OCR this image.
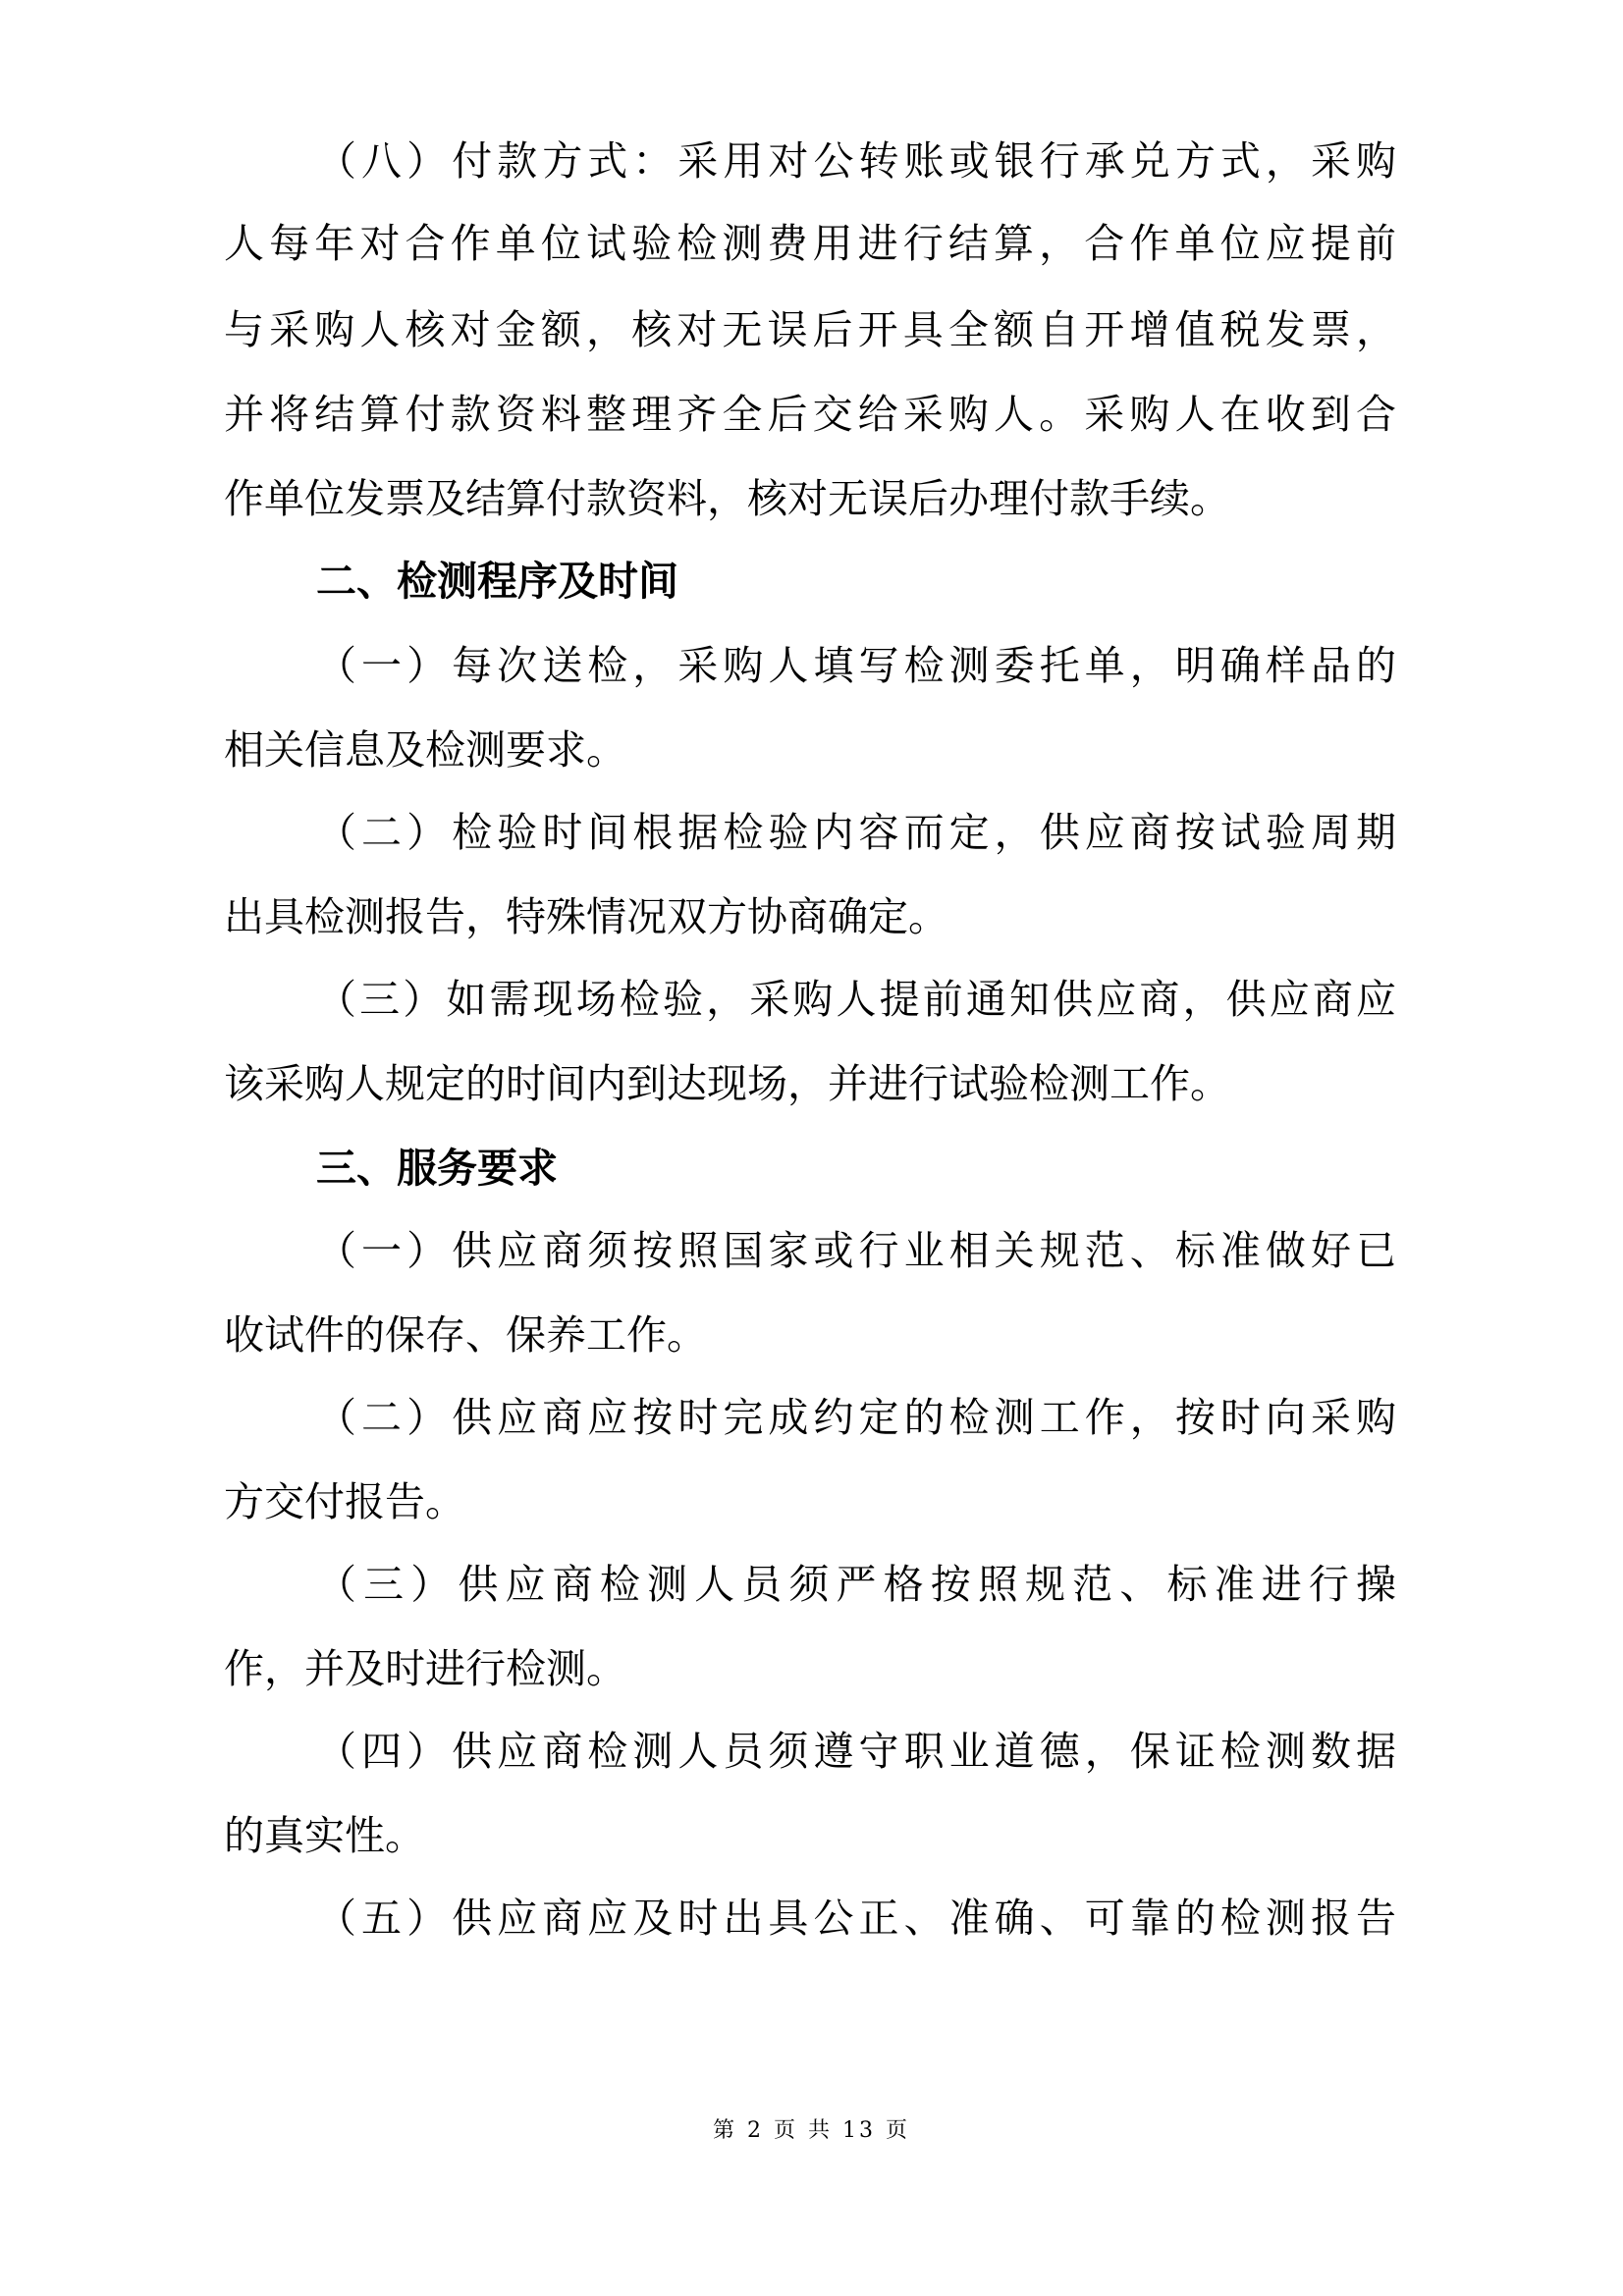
（八）付款方式：采用对公转账或银行承兑方式，采购
人每年对合作单位试验检测费用进行结算，合作单位应提前
与采购人核对金额，核对无误后开具全额自开增值税发票，
并将结算付款资料整理齐全后交给采购人。采购人在收到合
作单位发票及结算付款资料，核对无误后办理付款手续。
二、检测程序及时间
（一）每次送检，采购人填写检测委托单，明确样品的
相关信息及检测要求。
（二）检验时间根据检验内容而定，供应商按试验周期
出具检测报告，特殊情况双方协商确定。
（三）如需现场检验，采购人提前通知供应商，供应商应
该采购人规定的时间内到达现场，并进行试验检测工作。
三、服务要求
（一）供应商须按照国家或行业相关规范、标准做好已
收试件的保存、保养工作。
（二）供应商应按时完成约定的检测工作，按时向采购
方交付报告。
（三）供应商检测人员须严格按照规范、标准进行操
作，并及时进行检测。
（四）供应商检测人员须遵守职业道德，保证检测数据
的真实性。
（五）供应商应及时出具公正、准确、可靠的检测报告
第 2 页 共 13 页
